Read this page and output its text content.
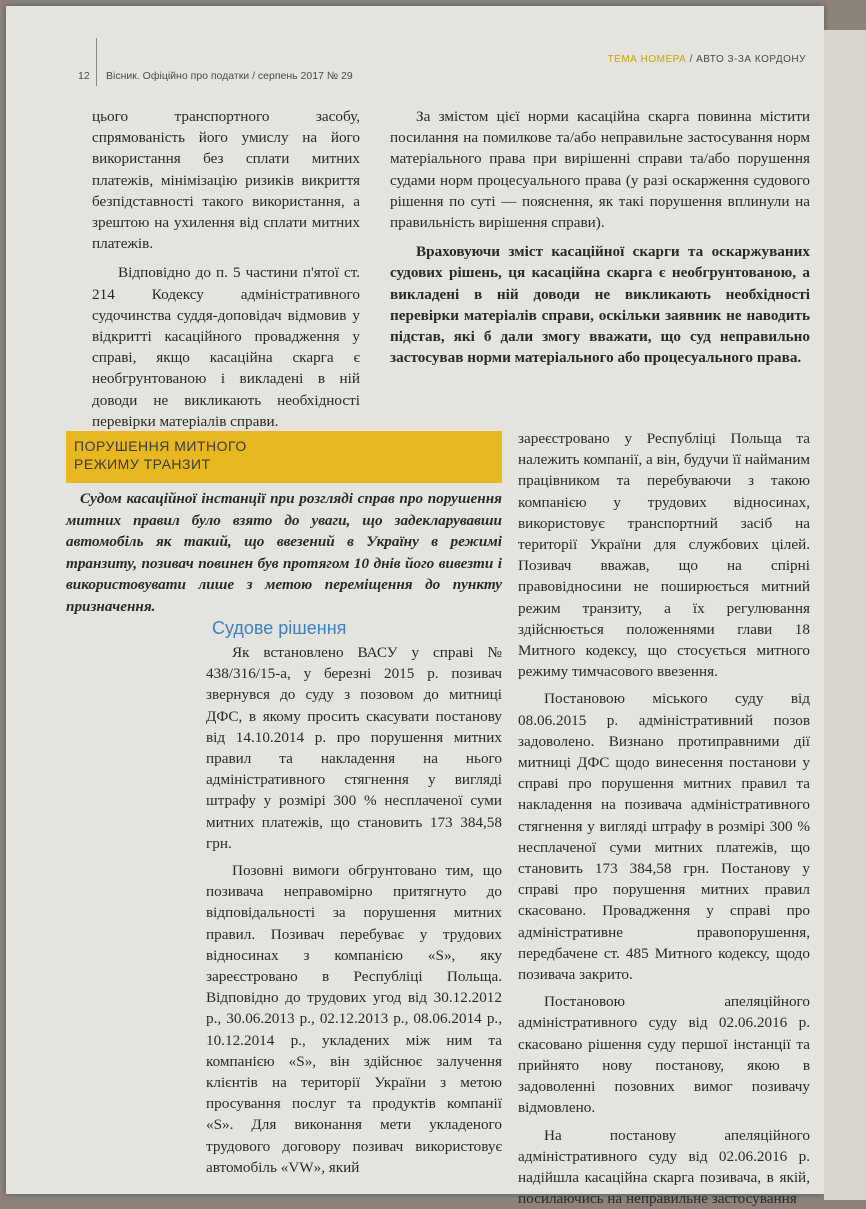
12 Вісник. Офіційно про податки / серпень 2017 № 29
ТЕМА НОМЕРА / АВТО З-ЗА КОРДОНУ

цього транспортного засобу, спрямованість його умислу на його використання без сплати митних платежів, мінімізацію ризиків викриття безпідставності такого використання, а зрештою на ухилення від сплати митних платежів.

Відповідно до п. 5 частини п'ятої ст. 214 Кодексу адміністративного судочинства суддя-доповідач відмовив у відкритті касаційного провадження у справі, якщо касаційна скарга є необгрунтованою і викладені в ній доводи не викликають необхідності перевірки матеріалів справи.

За змістом цієї норми касаційна скарга повинна містити посилання на помилкове та/або неправильне застосування норм матеріального права при вирішенні справи та/або порушення судами норм процесуального права (у разі оскарження судового рішення по суті — пояснення, як такі порушення вплинули на правильність вирішення справи).

Враховуючи зміст касаційної скарги та оскаржуваних судових рішень, ця касаційна скарга є необгрунтованою, а викладені в ній доводи не викликають необхідності перевірки матеріалів справи, оскільки заявник не наводить підстав, які б дали змогу вважати, що суд неправильно застосував норми матеріального або процесуального права.

ПОРУШЕННЯ МИТНОГО
РЕЖИМУ ТРАНЗИТ

Судом касаційної інстанції при розгляді справ про порушення митних правил було взято до уваги, що задекларувавши автомобіль як такий, що ввезений в Україну в режимі транзиту, позивач повинен був протягом 10 днів його вивезти і використовувати лише з метою переміщення до пункту призначення.

Судове рішення

Як встановлено ВАСУ у справі № 438/316/15-а, у березні 2015 р. позивач звернувся до суду з позовом до митниці ДФС, в якому просить скасувати постанову від 14.10.2014 р. про порушення митних правил та накладення на нього адміністративного стягнення у вигляді штрафу у розмірі 300 % несплаченої суми митних платежів, що становить 173 384,58 грн.

Позовні вимоги обгрунтовано тим, що позивача неправомірно притягнуто до відповідальності за порушення митних правил. Позивач перебуває у трудових відносинах з компанією «S», яку зареєстровано в Республіці Польща. Відповідно до трудових угод від 30.12.2012 р., 30.06.2013 р., 02.12.2013 р., 08.06.2014 р., 10.12.2014 р., укладених між ним та компанією «S», він здійснює залучення клієнтів на території України з метою просування послуг та продуктів компанії «S». Для виконання мети укладеного трудового договору позивач використовує автомобіль «VW», який

зареєстровано у Республіці Польща та належить компанії, а він, будучи її найманим працівником та перебуваючи з такою компанією у трудових відносинах, використовує транспортний засіб на території України для службових цілей. Позивач вважав, що на спірні правовідносини не поширюється митний режим транзиту, а їх регулювання здійснюється положеннями глави 18 Митного кодексу, що стосується митного режиму тимчасового ввезення.

Постановою міського суду від 08.06.2015 р. адміністративний позов задоволено. Визнано протиправними дії митниці ДФС щодо винесення постанови у справі про порушення митних правил та накладення на позивача адміністративного стягнення у вигляді штрафу в розмірі 300 % несплаченої суми митних платежів, що становить 173 384,58 грн. Постанову у справі про порушення митних правил скасовано. Провадження у справі про адміністративне правопорушення, передбачене ст. 485 Митного кодексу, щодо позивача закрито.

Постановою апеляційного адміністративного суду від 02.06.2016 р. скасовано рішення суду першої інстанції та прийнято нову постанову, якою в задоволенні позовних вимог позивачу відмовлено.

На постанову апеляційного адміністративного суду від 02.06.2016 р. надійшла касаційна скарга позивача, в якій, посилаючись на неправильне застосування
